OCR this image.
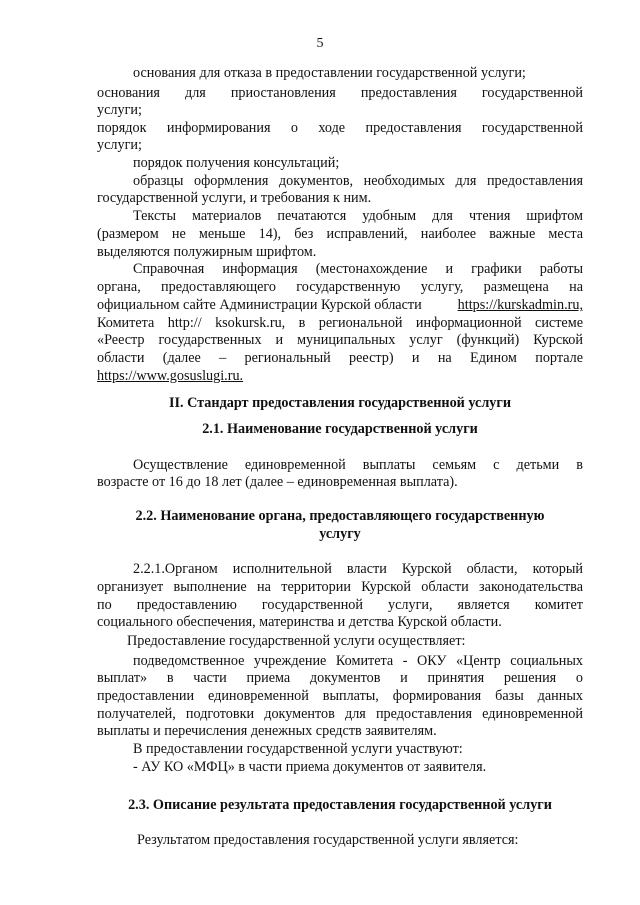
5
основания для отказа в предоставлении государственной услуги;
основания для приостановления предоставления государственной
услуги;
порядок информирования о ходе предоставления государственной
услуги;
порядок получения консультаций;
образцы оформления документов, необходимых для предоставления
государственной услуги, и требования к ним.
Тексты материалов печатаются удобным для чтения шрифтом
(размером не меньше 14), без исправлений, наиболее важные места
выделяются полужирным шрифтом.
Справочная информация (местонахождение и графики работы
органа, предоставляющего государственную услугу, размещена на
официальном сайте Администрации Курской области	https://kurskadmin.ru,
Комитета http:// ksokursk.ru, в региональной информационной системе
«Реестр государственных и муниципальных услуг (функций) Курской
области (далее – региональный реестр) и на Едином портале
https://www.gosuslugi.ru.
II. Стандарт предоставления государственной услуги
2.1. Наименование государственной услуги
Осуществление единовременной выплаты семьям с детьми в
возрасте от 16 до 18 лет (далее – единовременная выплата).
2.2. Наименование органа, предоставляющего государственную
услугу
2.2.1.Органом исполнительной власти Курской области, который
организует выполнение на территории Курской области законодательства
по предоставлению государственной услуги, является комитет
социального обеспечения, материнства и детства Курской области.
Предоставление государственной услуги осуществляет:
подведомственное учреждение Комитета - ОКУ «Центр социальных
выплат» в части приема документов и принятия решения о
предоставлении единовременной выплаты, формирования базы данных
получателей, подготовки документов для предоставления единовременной
выплаты и перечисления денежных средств заявителям.
В предоставлении государственной услуги участвуют:
- АУ КО «МФЦ» в части приема документов от заявителя.
2.3. Описание результата предоставления государственной услуги
Результатом предоставления государственной услуги является:
